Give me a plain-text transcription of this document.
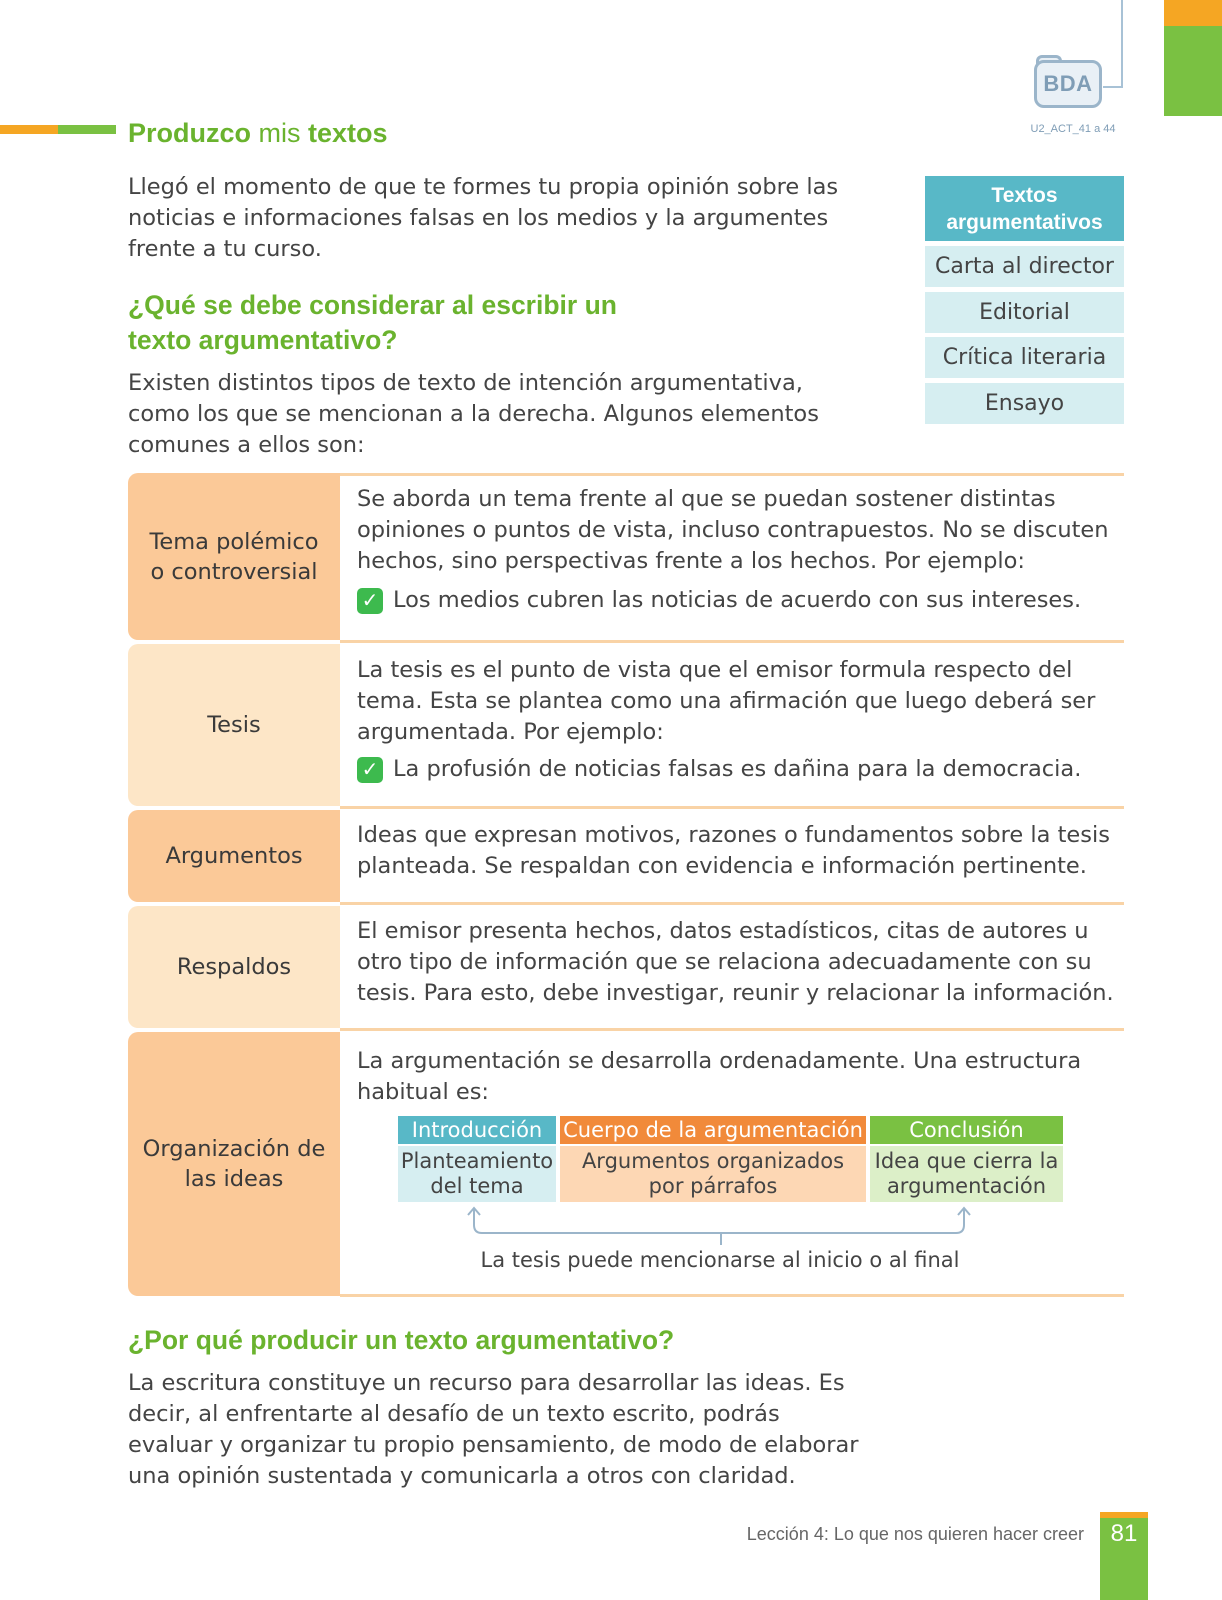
BDA
U2_ACT_41 a 44
Produzco mis textos
Llegó el momento de que te formes tu propia opinión sobre las noticias e informaciones falsas en los medios y la argumentes frente a tu curso.
¿Qué se debe considerar al escribir un
texto argumentativo?
Existen distintos tipos de texto de intención argumentativa, como los que se mencionan a la derecha. Algunos elementos comunes a ellos son:
Textos
argumentativos
Carta al director
Editorial
Crítica literaria
Ensayo
Tema polémico
o controversial
Se aborda un tema frente al que se puedan sostener distintas opiniones o puntos de vista, incluso contrapuestos. No se discuten hechos, sino perspectivas frente a los hechos. Por ejemplo:
✓ Los medios cubren las noticias de acuerdo con sus intereses.
Tesis
La tesis es el punto de vista que el emisor formula respecto del tema. Esta se plantea como una afirmación que luego deberá ser argumentada. Por ejemplo:
✓ La profusión de noticias falsas es dañina para la democracia.
Argumentos
Ideas que expresan motivos, razones o fundamentos sobre la tesis planteada. Se respaldan con evidencia e información pertinente.
Respaldos
El emisor presenta hechos, datos estadísticos, citas de autores u otro tipo de información que se relaciona adecuadamente con su tesis. Para esto, debe investigar, reunir y relacionar la información.
Organización de
las ideas
La argumentación se desarrolla ordenadamente. Una estructura habitual es:
Introducción
Planteamiento
del tema
Cuerpo de la argumentación
Argumentos organizados
por párrafos
Conclusión
Idea que cierra la
argumentación
La tesis puede mencionarse al inicio o al final
¿Por qué producir un texto argumentativo?
La escritura constituye un recurso para desarrollar las ideas. Es decir, al enfrentarte al desafío de un texto escrito, podrás evaluar y organizar tu propio pensamiento, de modo de elaborar una opinión sustentada y comunicarla a otros con claridad.
Lección 4: Lo que nos quieren hacer creer	81
